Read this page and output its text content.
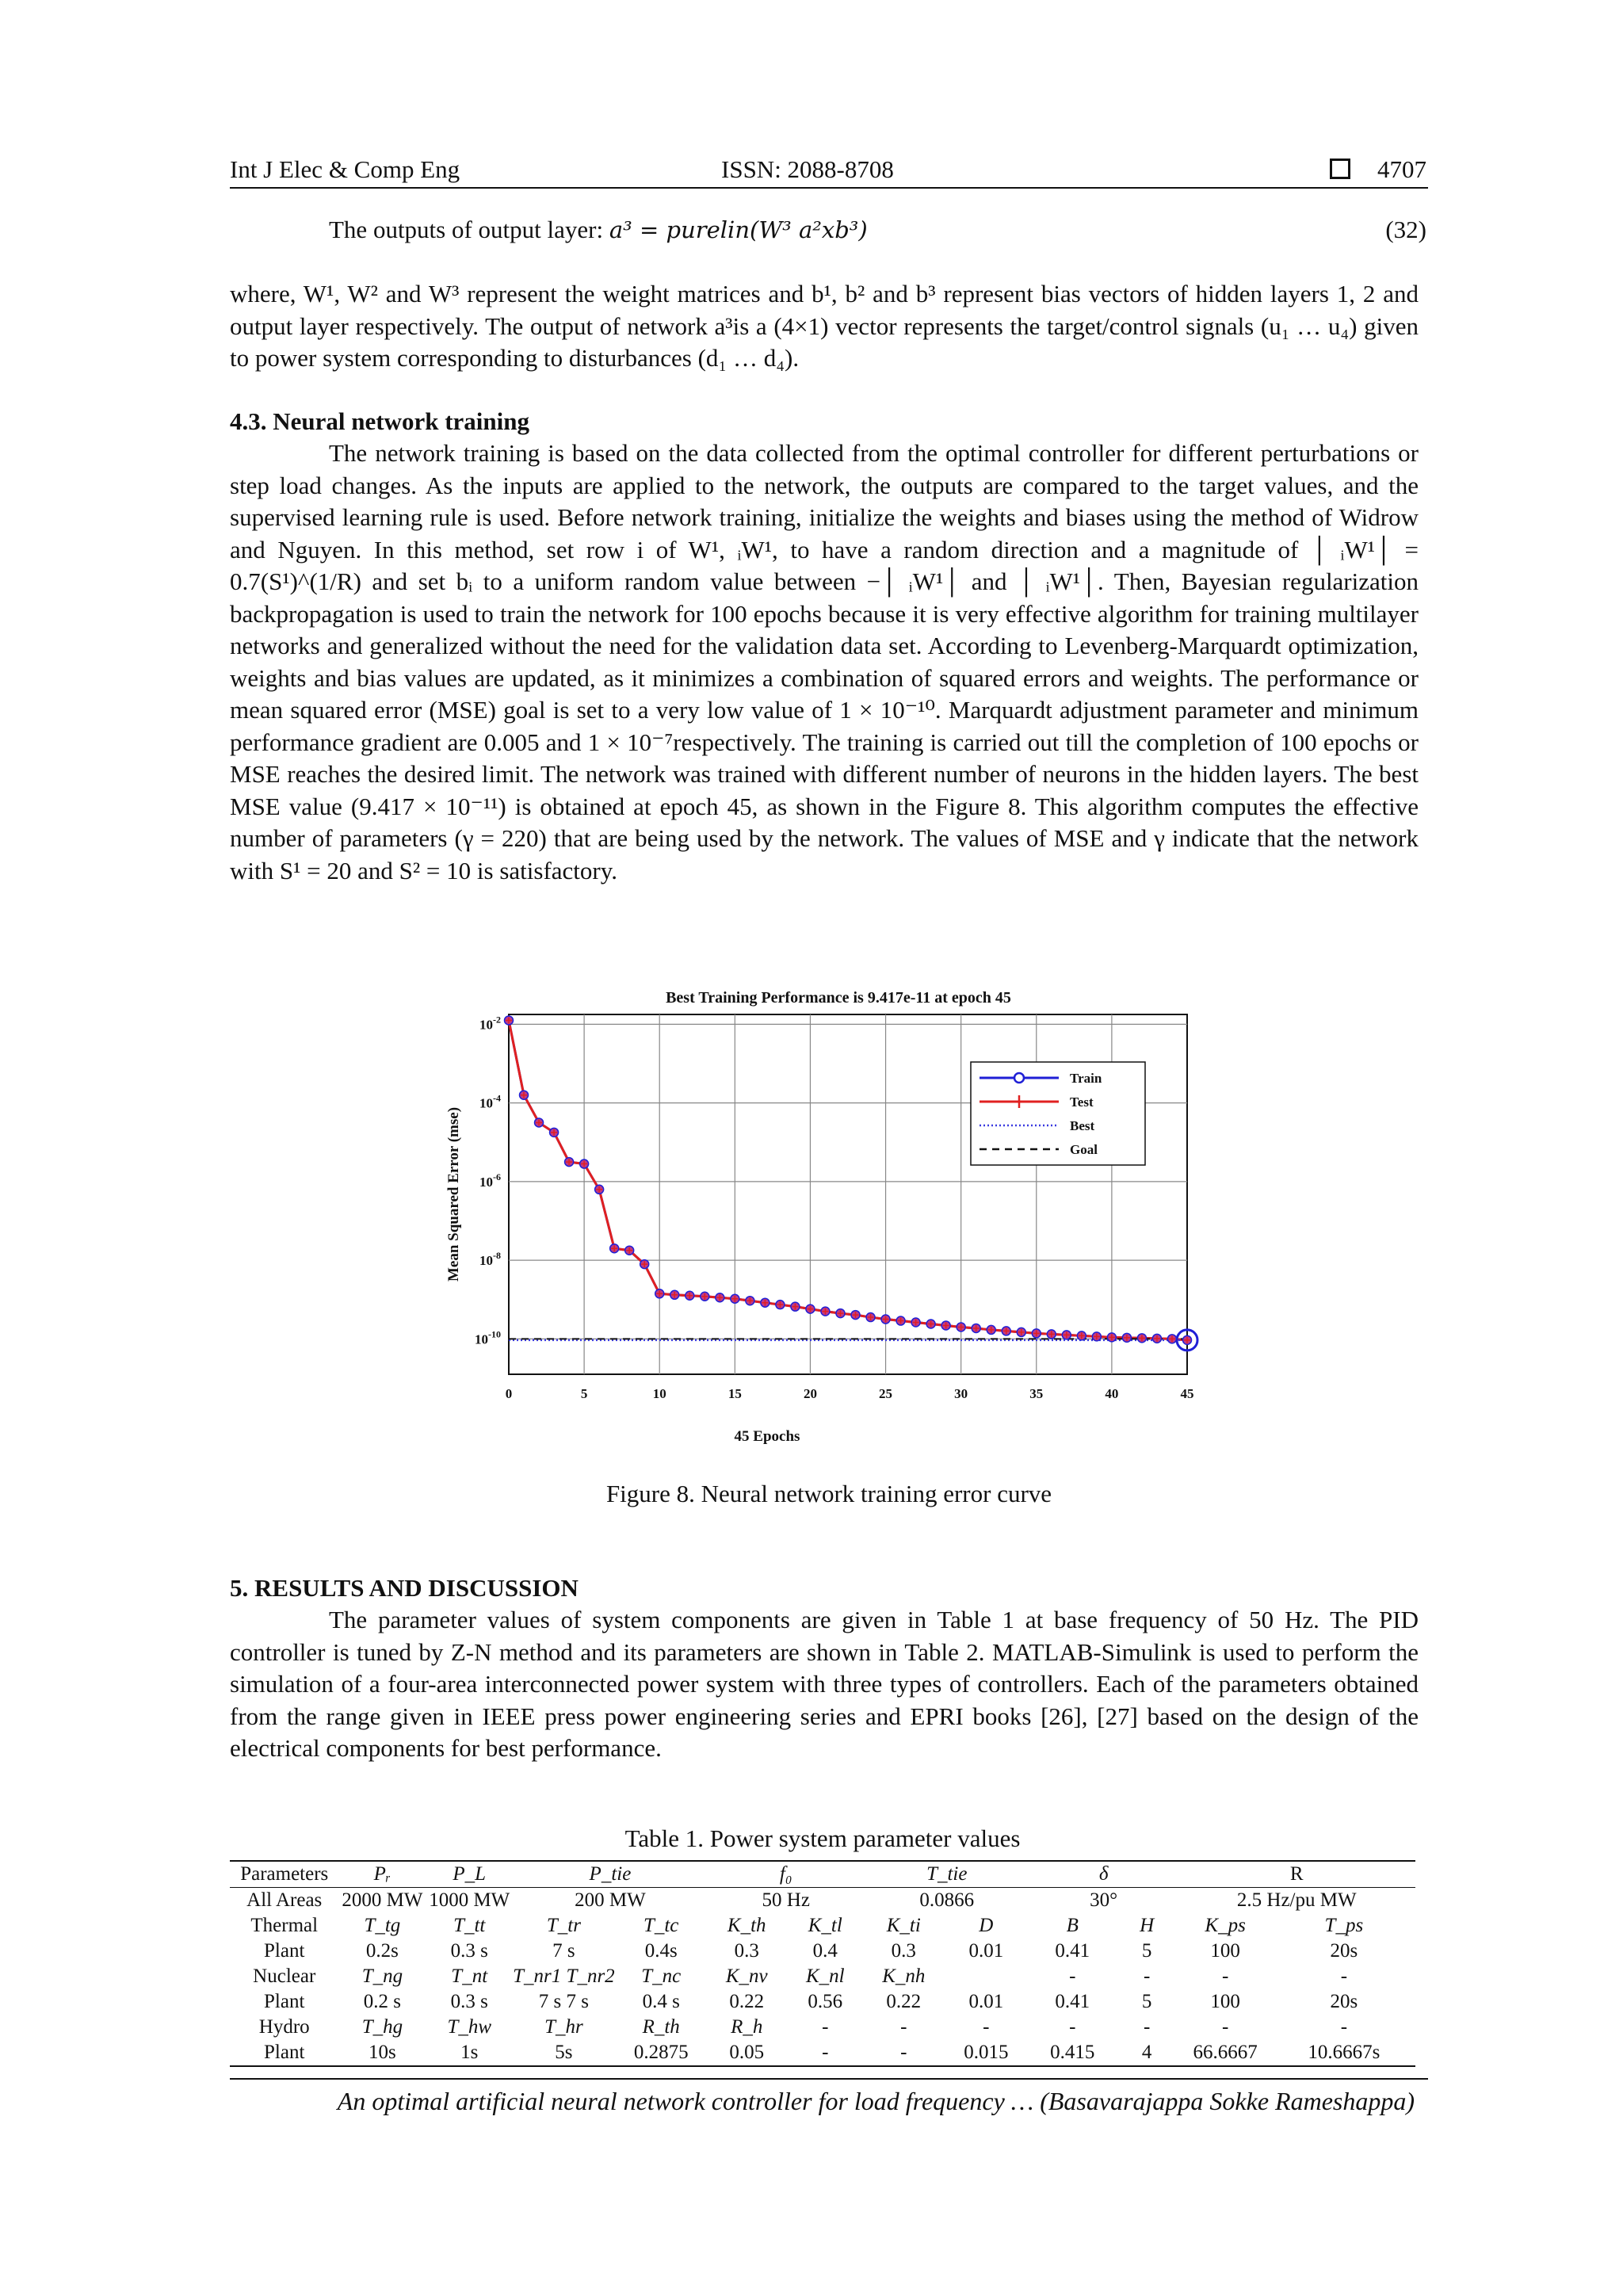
Int J Elec & Comp Eng	ISSN: 2088-8708	4707
The outputs of output layer: a³ = purelin(W³ a²xb³)	(32)
where, W¹, W² and W³ represent the weight matrices and b¹, b² and b³ represent bias vectors of hidden layers 1, 2 and output layer respectively. The output of network a³is a (4×1) vector represents the target/control signals (u₁ … u₄) given to power system corresponding to disturbances (d₁ … d₄).
4.3. Neural network training
The network training is based on the data collected from the optimal controller for different perturbations or step load changes. As the inputs are applied to the network, the outputs are compared to the target values, and the supervised learning rule is used. Before network training, initialize the weights and biases using the method of Widrow and Nguyen. In this method, set row i of W¹, ᵢW¹, to have a random direction and a magnitude of │ ᵢW¹│ = 0.7(S¹)^(1/R) and set bᵢ to a uniform random value between −│ ᵢW¹│ and │ ᵢW¹│. Then, Bayesian regularization backpropagation is used to train the network for 100 epochs because it is very effective algorithm for training multilayer networks and generalized without the need for the validation data set. According to Levenberg-Marquardt optimization, weights and bias values are updated, as it minimizes a combination of squared errors and weights. The performance or mean squared error (MSE) goal is set to a very low value of 1 × 10⁻¹⁰. Marquardt adjustment parameter and minimum performance gradient are 0.005 and 1 × 10⁻⁷respectively. The training is carried out till the completion of 100 epochs or MSE reaches the desired limit. The network was trained with different number of neurons in the hidden layers. The best MSE value (9.417 × 10⁻¹¹) is obtained at epoch 45, as shown in the Figure 8. This algorithm computes the effective number of parameters (γ = 220) that are being used by the network. The values of MSE and γ indicate that the network with S¹ = 20 and S² = 10 is satisfactory.
Best Training Performance is 9.417e-11 at epoch 45
0	5	10	15	20	25	30	35	40	45
$10^{-2}$
$10^{-4}$
$10^{-6}$
$10^{-8}$
$10^{-10}$
45 Epochs
Mean Squared Error (mse)
Train
Test
Best
Goal
Figure 8. Neural network training error curve
5. RESULTS AND DISCUSSION
The parameter values of system components are given in Table 1 at base frequency of 50 Hz. The PID controller is tuned by Z-N method and its parameters are shown in Table 2. MATLAB-Simulink is used to perform the simulation of a four-area interconnected power system with three types of controllers. Each of the parameters obtained from the range given in IEEE press power engineering series and EPRI books [26], [27] based on the design of the electrical components for best performance.
Table 1. Power system parameter values
Parameters	Pᵣ	P_L	P_tie		f₀		T_tie		δ		R	
All Areas	2000 MW	1000 MW	200 MW		50 Hz		0.0866		30°		2.5 Hz/pu MW	
Thermal	T_tg	T_tt	T_tr	T_tc	K_th	K_tl	K_ti	D	B	H	K_ps	T_ps
Plant	0.2s	0.3 s	7 s	0.4s	0.3	0.4	0.3	0.01	0.41	5	100	20s
Nuclear	T_ng	T_nt	T_nr1 T_nr2	T_nc	K_nv	K_nl	K_nh		-	-	-	-
Plant	0.2 s	0.3 s	7 s 7 s	0.4 s	0.22	0.56	0.22	0.01	0.41	5	100	20s
Hydro	T_hg	T_hw	T_hr	R_th	R_h	-	-	-	-	-	-	-
Plant	10s	1s	5s	0.2875	0.05	-	-	0.015	0.415	4	66.6667	10.6667s
An optimal artificial neural network controller for load frequency … (Basavarajappa Sokke Rameshappa)
